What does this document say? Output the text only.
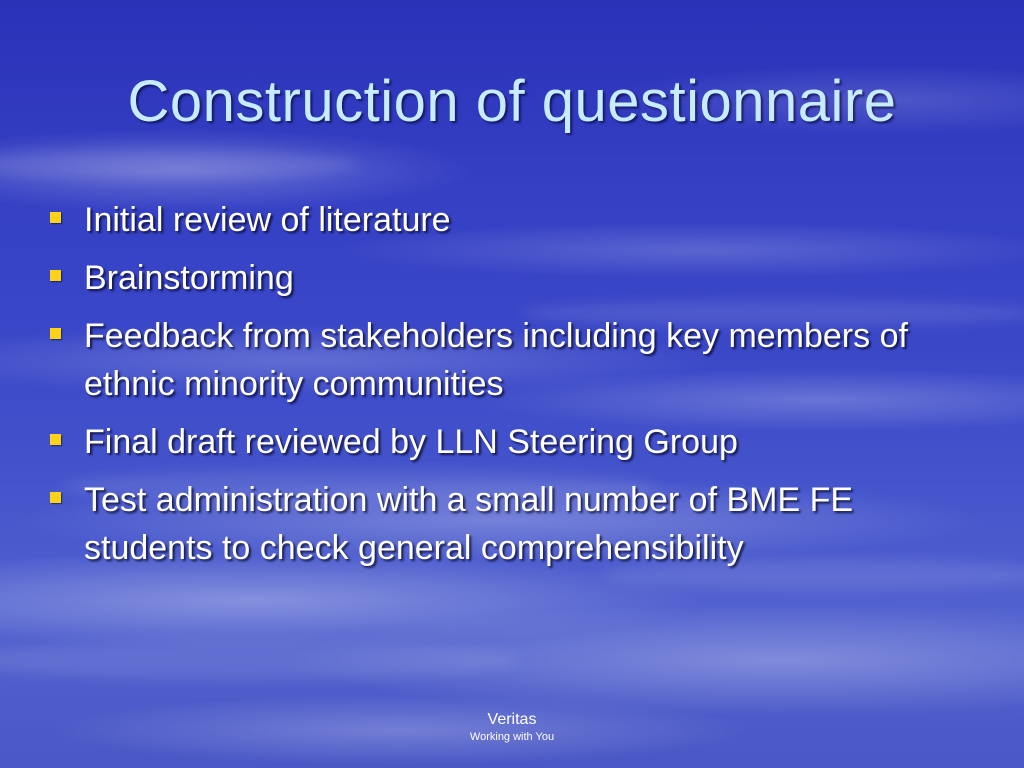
Construction of questionnaire
Initial review of literature
Brainstorming
Feedback from stakeholders including key members of ethnic minority communities
Final draft reviewed by LLN Steering Group
Test administration with a small number of BME FE students to check general comprehensibility
Veritas
Working with You
